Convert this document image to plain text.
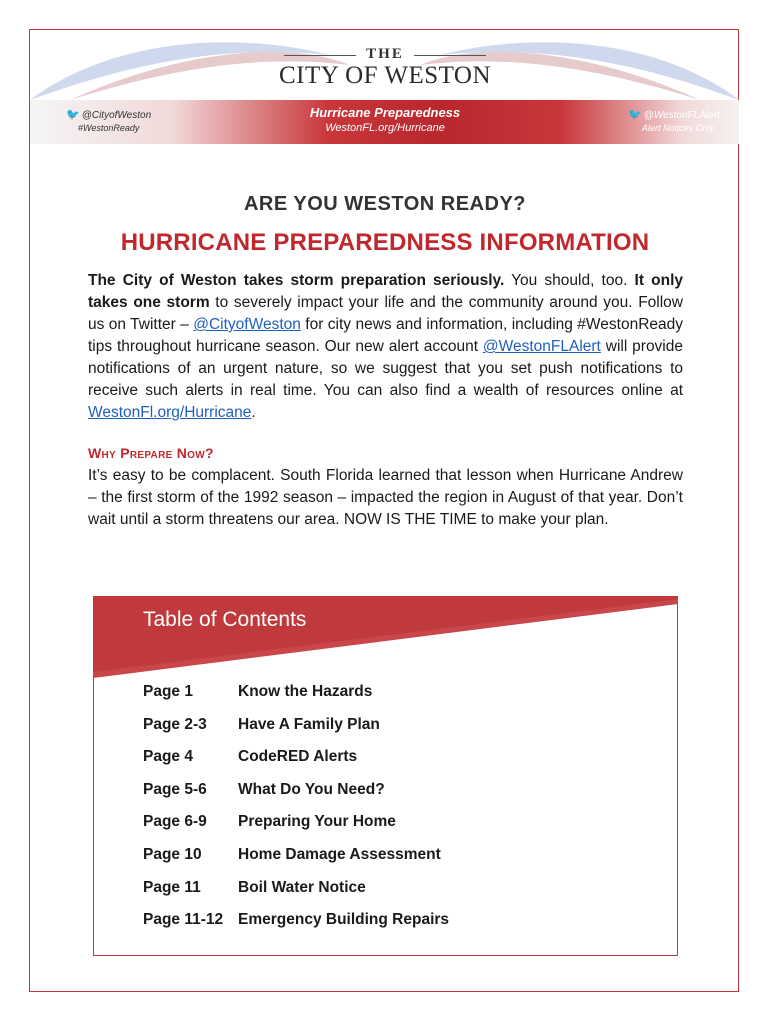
THE
CITY OF WESTON
🐦 @CityofWeston
#WestonReady
Hurricane Preparedness
WestonFL.org/Hurricane
🐦 @WestonFLAlert
Alert Notices Only
ARE YOU WESTON READY?
HURRICANE PREPAREDNESS INFORMATION
The City of Weston takes storm preparation seriously. You should, too. It only takes one storm to severely impact your life and the community around you. Follow us on Twitter – @CityofWeston for city news and information, including #WestonReady tips throughout hurricane season. Our new alert account @WestonFLAlert will provide notifications of an urgent nature, so we suggest that you set push notifications to receive such alerts in real time. You can also find a wealth of resources online at WestonFl.org/Hurricane.
Why Prepare Now?
It’s easy to be complacent. South Florida learned that lesson when Hurricane Andrew – the first storm of the 1992 season – impacted the region in August of that year. Don’t wait until a storm threatens our area. NOW IS THE TIME to make your plan.
Table of Contents
Page 1	Know the Hazards
Page 2-3	Have A Family Plan
Page 4	CodeRED Alerts
Page 5-6	What Do You Need?
Page 6-9	Preparing Your Home
Page 10	Home Damage Assessment
Page 11	Boil Water Notice
Page 11-12 Emergency Building Repairs
